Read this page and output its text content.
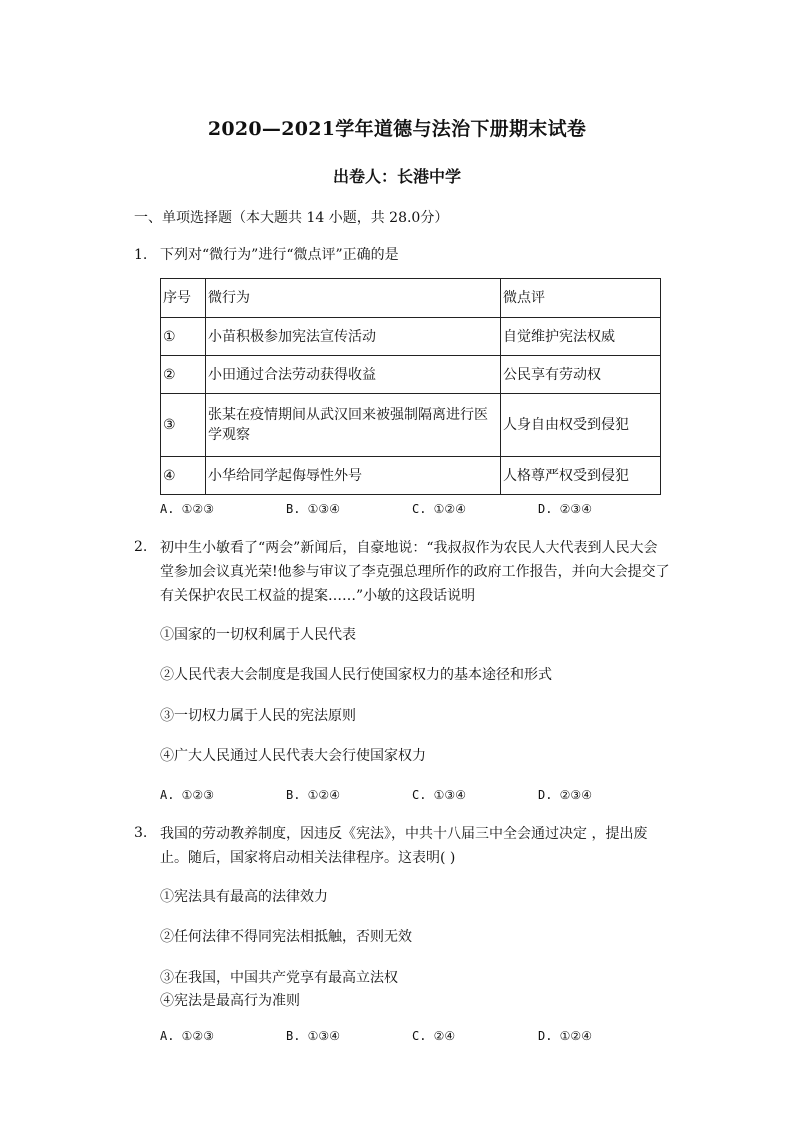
2020—2021学年道德与法治下册期末试卷
出卷人：长港中学
一、单项选择题（本大题共 14 小题，共 28.0分）
1. 下列对“微行为”进行“微点评”正确的是
序号	微行为	微点评
①	小苗积极参加宪法宣传活动	自觉维护宪法权威
②	小田通过合法劳动获得收益	公民享有劳动权
③	张某在疫情期间从武汉回来被强制隔离进行医学观察	人身自由权受到侵犯
④	小华给同学起侮辱性外号	人格尊严权受到侵犯
A. ①②③	B. ①③④	C. ①②④	D. ②③④
2. 初中生小敏看了“两会”新闻后，自豪地说：“我叔叔作为农民人大代表到人民大会堂参加会议真光荣!他参与审议了李克强总理所作的政府工作报告，并向大会提交了有关保护农民工权益的提案……”小敏的这段话说明
①国家的一切权利属于人民代表
②人民代表大会制度是我国人民行使国家权力的基本途径和形式
③一切权力属于人民的宪法原则
④广大人民通过人民代表大会行使国家权力
A. ①②③	B. ①②④	C. ①③④	D. ②③④
3. 我国的劳动教养制度，因违反《宪法》，中共十八届三中全会通过决定 ，提出废止。随后，国家将启动相关法律程序。这表明( )
①宪法具有最高的法律效力
②任何法律不得同宪法相抵触，否则无效
③在我国，中国共产党享有最高立法权
④宪法是最高行为准则
A. ①②③	B. ①③④	C. ②④	D. ①②④
